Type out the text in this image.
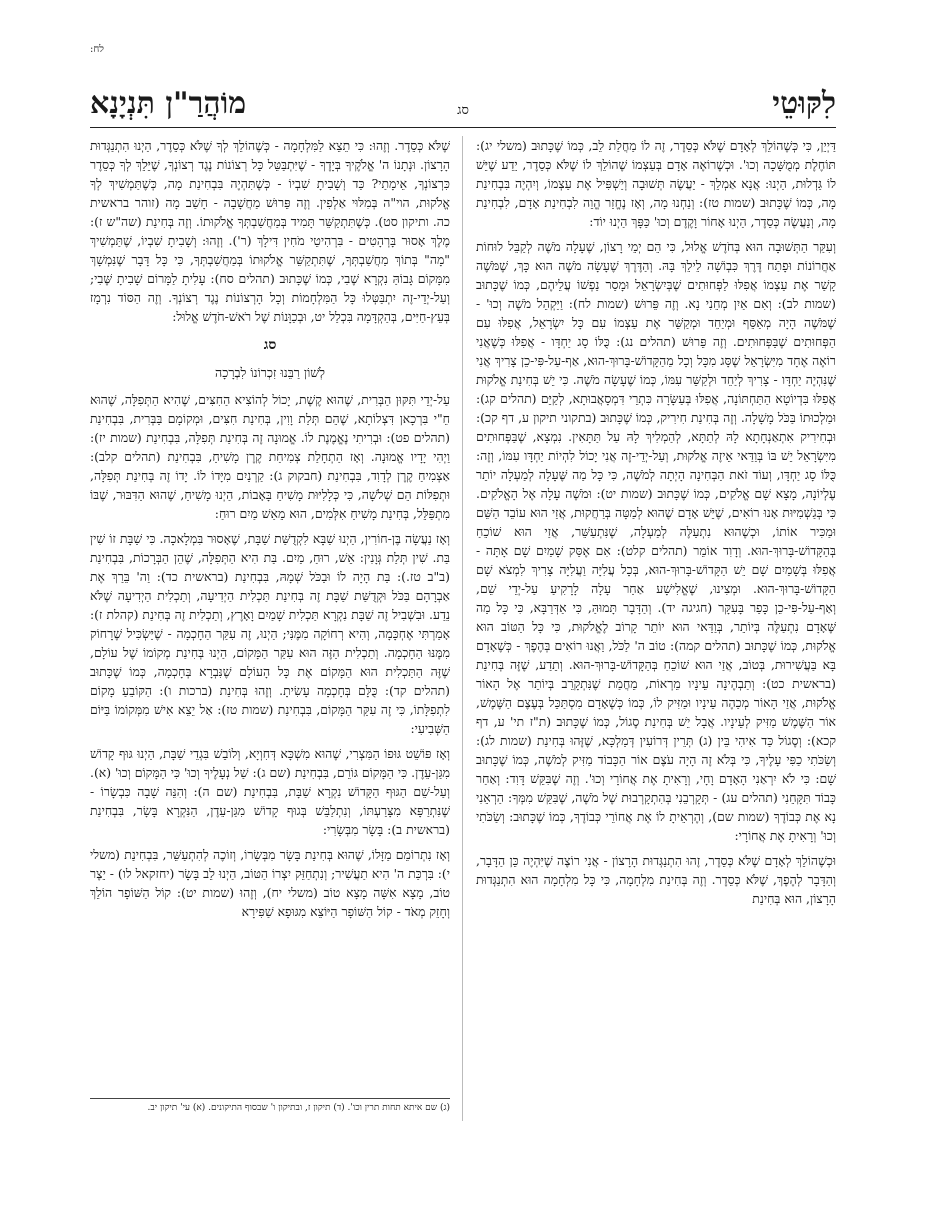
לח:
לִקּוּטֵי
סג
מוֹהֲרַ"ן תִּנְיָנָא

דַּיְיֵן, כִּי כְּשֶׁהוֹלֵךְ לְאָדָם שֶׁלֹּא כְּסֵדֶר, זֶה לוֹ מַחֲלַת לֵב, כְּמוֹ שֶׁכָּתוּב (משלי יג): תּוֹחֶלֶת מְמֻשָּׁכָה וְכוּ'. וּכְשֶׁרוֹאֶה אָדָם בְּעַצְמוֹ שֶׁהוֹלֵךְ לוֹ שֶׁלֹּא כְּסֵדֶר, יֵדַע שֶׁיֵּשׁ לוֹ גַּדְלוּת, הַיְנוּ: אֲנָא אַמְלֵךְ - יַעֲשֶׂה תְּשׁוּבָה וְיַשְׁפִּיל אֶת עַצְמוֹ, וְיִהְיֶה בִּבְחִינַת מָה, כְּמוֹ שֶׁכָּתוּב (שמות טז): וְנַחְנוּ מָה, וְאָז נֶחֱזַר הֱוֵה לִבְחִינַת אָדָם, לִבְחִינַת מָה, וְנַעֲשֶׂה כְּסֵדֶר, הַיְנוּ אָחוֹר וָקֶדֶם וְכוּ' כַּפָּךְ הַיְנוּ יוֹד:

וְעִקַּר הַתְּשׁוּבָה הוּא בְּחֹדֶשׁ אֱלוּל, כִּי הֵם יְמֵי רָצוֹן, שֶׁעָלָה מֹשֶׁה לְקַבֵּל לוּחוֹת אַחֲרוֹנוֹת וּפָתַח דֶּרֶךְ כִּבְוֹשָׁה לֵילֵךְ בָּהּ. וְהַדֶּרֶךְ שֶׁעָשָׂה מֹשֶׁה הוּא כָּךְ, שֶׁמֹּשֶׁה קָשַׁר אֶת עַצְמוֹ אֲפִלּוּ לַפְּחוּתִים שֶׁבְּיִשְׂרָאֵל וּמָסַר נַפְשׁוֹ עֲלֵיהֶם, כְּמוֹ שֶׁכָּתוּב (שמות לב): וְאִם אַיִן מְחֵנִי נָא. וְזֶה פֵּרוּשׁ (שמות לח): וַיַּקְהֵל מֹשֶׁה וְכוּ' - שֶׁמֹּשֶׁה הָיָה מְאַסֵּף וּמְיַחֵד וּמְקַשֵּׁר אֶת עַצְמוֹ עִם כָּל יִשְׂרָאֵל, אֲפִלּוּ עִם הַפְּחוּתִים שֶׁבַּפְּחוּתִים. וְזֶה פֵּרוּשׁ (תהלים נג): כֻּלּוֹ סָג יַחְדָּו - אֲפִלּוּ כְּשֶׁאֲנִי רוֹאֶה אֶחָד מִיִּשְׂרָאֵל שֶׁסָּג מִכָּל וְכָל מֵהַקָּדוֹשׁ-בָּרוּךְ-הוּא, אַף-עַל-פִּי-כֵן צָרִיךְ אֲנִי שֶׁנִּהְיֶה יַחְדָּו - צָרִיךְ לְיַחֵד וּלְקַשֵּׁר עִמּוֹ, כְּמוֹ שֶׁעָשָׂה מֹשֶׁה. כִּי יֵשׁ בְּחִינַת אֱלֹקוּת אֲפִלּוּ בִּדְיוֹטָא הַתַּחְתּוֹנָה, אֲפִלּוּ בְּעַשָּׂרָה כִּתְרֵי דִּמְסָאֲבוּתָא, לְקַיֵּם (תהלים קג): וּמַלְכוּתוֹ בַּכֹּל מָשָׁלָה. וְזֶה בְּחִינַת חִירִיק, כְּמוֹ שֶׁכָּתוּב (בתקוני תיקון ע, דף קכ): וּבְחִירִיק אִתְאַנְחָתָא לָהּ לְתַתָּא, לְהַמְלִיךְ לָהּ עַל תַּתָּאִין. נִמְצָא, שֶׁבַּפְּחוּתִים מִיִּשְׂרָאֵל יֵשׁ בּוֹ בְּוַדַּאי אֵיזֶה אֱלֹקוּת, וְעַל-יְדֵי-זֶה אֲנִי יָכוֹל לִהְיוֹת יַחְדָּו עִמּוֹ, וְזֶה: כֻּלּוֹ סָג יַחְדָּו, וְעוֹד זֹאת הַבְּחִינָה הָיְתָה לְמֹשֶׁה, כִּי כָּל מַה שֶּׁעָלָה לְמַעְלָה יוֹתֵר עֶלְיוֹנָה, מָצָא שָׁם אֱלֹקִים, כְּמוֹ שֶׁכָּתוּב (שמות יט): וּמֹשֶׁה עָלָה אֶל הָאֱלֹקִים. כִּי בְּגַשְׁמִיּוּת אָנוּ רוֹאִים, שֶׁיֵּשׁ אָדָם שֶׁהוּא לְמַטָּה בְּרַחֲקוּת, אֲזַי הוּא עוֹבֵד הַשֵּׁם וּמַכִּיר אוֹתוֹ, וּכְשֶׁהוּא נִתְעַלֶּה לְמַעְלָה, שֶׁנִּתְעַשֵּׁר, אֲזַי הוּא שׁוֹכֵחַ בְּהַקָּדוֹשׁ-בָּרוּךְ-הוּא. וְדָוִד אוֹמֵר (תהלים קלט): אִם אֶסַּק שָׁמַיִם שָׁם אָתָּה - אֲפִלּוּ בְּשָׁמַיִם שָׁם יֵשׁ הַקָּדוֹשׁ-בָּרוּךְ-הוּא, בְּכָל עֲלִיָּה וַעֲלִיָּה צָרִיךְ לִמְצֹא שָׁם הַקָּדוֹשׁ-בָּרוּךְ-הוּא. וּמְצִינוּ, שֶׁאֱלִישָׁע אַחַר עָלָה לָרָקִיעַ עַל-יְדֵי שֵׁם, וְאַף-עַל-פִּי-כֵן כָּפַר בָּעִקָּר (חגיגה יד). וְהַדָּבָר תָּמוּהַּ, כִּי אַדְּרַבָּא, כִּי כָּל מַה שֶּׁאָדָם נִתְעַלֶּה בְּיוֹתֵר, בְּוַדַּאי הוּא יוֹתֵר קָרוֹב לֶאֱלֹקוּת, כִּי כָּל הַטּוֹב הוּא אֱלֹקוּת, כְּמוֹ שֶׁכָּתוּב (תהלים קמה): טוֹב ה' לַכֹּל, וַאֲנוּ רוֹאִים בְּהֶפֶךְ - כְּשֶׁאָדָם בָּא בַּעֲשִׁירוּת, בְּטוֹב, אֲזַי הוּא שׁוֹכֵחַ בְּהַקָּדוֹשׁ-בָּרוּךְ-הוּא. וְתֵדַע, שֶׁזֶּה בְּחִינַת (בראשית כט): וְתַבְהֶינָה עֵינָיו מֵרְאוֹת, מֵחֲמַת שֶׁנִּתְקָרֵב בְּיוֹתֵר אֶל הָאוֹר אֱלֹקוּת, אֲזַי הָאוֹר מְכַהֶה עֵינָיו וּמַזִּיק לוֹ, כְּמוֹ כְּשֶׁאָדָם מִסְתַּכֵּל בְּעֶצֶם הַשֶּׁמֶשׁ, אוֹר הַשֶּׁמֶשׁ מַזִּיק לְעֵינָיו. אֲבָל יֵשׁ בְּחִינַת סֶגוֹל, כְּמוֹ שֶׁכָּתוּב (ת"ז תי' ע, דף קכא): וְסֶגוֹל כַּד אִיהִי בֵּין (ג) תְּרֵין דְּרוֹעִין דְּמַלְכָּא, שֶׁזֶּהוּ בְּחִינַת (שמות לג): וְשַׂכֹּתִי כַפִּי עָלֶיךָ, כִּי בְּלֹא זֶה הָיָה עֹצֶם אוֹר הַכָּבוֹד מַזִּיק לְמֹשֶׁה, כְּמוֹ שֶׁכָּתוּב שָׁם: כִּי לֹא יִרְאַנִי הָאָדָם וָחָי, וְרָאִיתָ אֶת אֲחוֹרָי וְכוּ'. וְזֶה שֶׁבִּקֵּשׁ דָּוִד: וְאַחַר כָּבוֹד תִּקָּחֵנִי (תהלים עג) - תְּקָרְבֵנִי בְּהִתְקָרְבוּת שֶׁל מֹשֶׁה, שֶׁבִּקֵּשׁ מִמְּךָ: הַרְאֵנִי נָא אֶת כְּבוֹדֶךָ (שמות שם), וְהֶרְאֵיתָ לוֹ אֶת אֲחוֹרֵי כְּבוֹדֶךָ, כְּמוֹ שֶׁכָּתוּב: וְשַׂכֹּתִי וְכוּ' וְרָאִיתָ אֶת אֲחוֹרָי:

וּכְשֶׁהוֹלֵךְ לְאָדָם שֶׁלֹּא כְּסֵדֶר, זֶהוּ הִתְנַגְּדוּת הָרָצוֹן - אֲנִי רוֹצֶה שֶׁיִּהְיֶה כֵּן הַדָּבָר, וְהַדָּבָר לְהֶפֶךְ, שֶׁלֹּא כְּסֵדֶר. וְזֶה בְּחִינַת מִלְחָמָה, כִּי כָּל מִלְחָמָה הוּא הִתְנַגְּדוּת הָרָצוֹן, הוּא בְּחִינַת

שֶׁלֹּא כְּסֵדֶר. וְזֶהוּ: כִּי תֵצֵא לַמִּלְחָמָה - כְּשֶׁהוֹלֵךְ לְךָ שֶׁלֹּא כְּסֵדֶר, הַיְנוּ הִתְנַגְּדוּת הָרָצוֹן. וּנְתָנוֹ ה' אֱלֹקֶיךָ בְּיָדֶךָ - שֶׁיִּתְבַּטֵּל כָּל רְצוֹנוֹת נֶגֶד רְצוֹנְךָ, שֶׁיֵּלֵךְ לְךָ כְּסֵדֶר כִּרְצוֹנְךָ, אֵימָתַי? כַּד וְשָׁבִיתָ שִׁבְיוֹ - כְּשֶׁתִּהְיֶה בִּבְחִינַת מָה, כְּשֶׁתַּמְשִׁיךְ לְךָ אֱלֹקוּת, הוי"ה בְּמִלּוּי אַלְפִין. וְזֶה פֵּרוּשׁ מַחֲשָׁבָה - חָשַׁב מָה (זוהר בראשית כה. ותיקון סט). כְּשֶׁתִּתְקַשֵּׁר תָּמִיד בְּמַחֲשַׁבְתְּךָ אֱלֹקוּתוֹ. וְזֶה בְּחִינַת (שה"ש ז): מֶלֶךְ אָסוּר בָּרְהָטִים - בִּרְהִיטֵי מֹחִין דִּילָךְ (ר'). וְזֶהוּ: וְשָׁבִיתָ שִׁבְיוֹ, שֶׁתַּמְשִׁיךְ "מָה" בְּתוֹךְ מַחֲשַׁבְתְּךָ, שֶׁתִּתְקַשֵּׁר אֱלֹקוּתוֹ בְּמַחֲשַׁבְתְּךָ, כִּי כָּל דָּבָר שֶׁנִּמְשָׁךְ מִמָּקוֹם גָּבוֹהַּ נִקְרָא שֶׁבִי, כְּמוֹ שֶׁכָּתוּב (תהלים סח): עָלִיתָ לַמָּרוֹם שָׁבִיתָ שֶּׁבִי; וְעַל-יְדֵי-זֶה יִתְבַּטְּלוּ כָּל הַמִּלְחָמוֹת וְכָל הָרְצוֹנוֹת נֶגֶד רְצוֹנְךָ. וְזֶה הַסּוֹד נִרְמָז בְּעֵץ-חַיִּים, בְּהַקְדָּמָה בִּכְלַל יט, וּבְכַוָּנוֹת שֶׁל רֹאשׁ-חֹדֶשׁ אֱלוּל:

סג
לְשׁוֹן רַבֵּנוּ זִכְרוֹנוֹ לִבְרָכָה

עַל-יְדֵי תִּקּוּן הַבְּרִית, שֶׁהוּא קֶשֶׁת, יָכוֹל לְהוֹצִיא הַחִצִּים, שֶׁהִיא הַתְּפִלָּה, שֶׁהוּא חֵ"י בִּרְכָאן דִּצְלוֹתָא, שֶׁהֵם תְּלַת וָוִין, בְּחִינַת חִצִּים, וּמְקוֹמָם בַּבְּרִית, בִּבְחִינַת (תהלים פט): וּבְרִיתִי נֶאֱמֶנֶת לוֹ. אֱמוּנָה זֶה בְּחִינַת תְּפִלָּה, בִּבְחִינַת (שמות יז): וַיְהִי יָדָיו אֱמוּנָה. וְאָז הַתְחָלַת צְמִיחַת קֶרֶן מָשִׁיחַ, בִּבְחִינַת (תהלים קלב): אַצְמִיחַ קֶרֶן לְדָוִד, בִּבְחִינַת (חבקוק ג): קַרְנַיִם מִיָּדוֹ לוֹ. יָדוֹ זֶה בְּחִינַת תְּפִלָּה, וּתְפִלּוֹת הֵם שְׁלֹשָׁה, כִּי כְּלָלִיּוּת מָשִׁיחַ בָּאָבוֹת, הַיְנוּ מָשִׁיחַ, שֶׁהוּא הַדִּבּוּר, שֶׁבּוֹ מִתְפַּלֵּל, בְּחִינַת מָשִׁיחַ אִלְּמִים, הוּא מֵאַשׁ מַיִם רוּחַ:

וְאָז נַעֲשָׂה בֶּן-חוֹרִין, הַיְנוּ שַׁבָּא לִקְדֻשַּׁת שַׁבָּת, שֶׁאָסוּר בִּמְלָאכָה. כִּי שַׁבָּת זוֹ שִׁין בַּת. שִׁין תְּלַת גְּוָנִין: אֵשׁ, רוּחַ, מַיִם. בַּת הִיא הַתְּפִלָּה, שֶׁהֵן הַבְּרָכוֹת, בִּבְחִינַת (ב"ב טז.): בַּת הָיָה לוֹ וּבַכֹּל שְׁמָהּ, בִּבְחִינַת (בראשית כד): וַה' בֵּרַךְ אֶת אַבְרָהָם בַּכֹּל וּקְדֻשַּׁת שַׁבָּת זֶה בְּחִינַת תַּכְלִית הַיְדִיעָה, וְתַכְלִית הַיְדִיעָה שֶׁלֹּא נֵדַע. וּבִשְׁבִיל זֶה שַׁבָּת נִקְרָא תַּכְלִית שָׁמַיִם וָאָרֶץ, וְתַכְלִית זֶה בְּחִינַת (קהלת ז): אָמַרְתִּי אֶחְכָּמָה, וְהִיא רְחוֹקָה מִמֶּנִּי; הַיְנוּ, זֶה עִקַּר הַחָכְמָה - שֶׁיַּשְׂכִּיל שֶׁרָחוֹק מִמֶּנּוּ הַחָכְמָה. וְתַכְלִית הַזֶּה הוּא עִקַּר הַמָּקוֹם, הַיְנוּ בְּחִינַת מְקוֹמוֹ שֶׁל עוֹלָם, שֶׁזֶּה הַתַּכְלִית הוּא הַמָּקוֹם אֶת כָּל הָעוֹלָם שֶׁנִּבְרָא בְּחָכְמָה, כְּמוֹ שֶׁכָּתוּב (תהלים קד): כֻּלָּם בְּחָכְמָה עָשִׂיתָ. וְזֶהוּ בְּחִינַת (ברכות ו): הַקּוֹבֵעַ מָקוֹם לִתְפִלָּתוֹ, כִּי זֶה עִקַּר הַמָּקוֹם, בִּבְחִינַת (שמות טז): אַל יֵצֵא אִישׁ מִמְּקוֹמוֹ בַּיּוֹם הַשְּׁבִיעִי:

וְאָז פּוֹשֵׁט גּוּפוֹ הַמִּצְרִי, שֶׁהוּא מִשְׁכָּא דְּחִוְיָא, וְלוֹבֵשׁ בִּגְדֵי שַׁבָּת, הַיְנוּ גּוּף קָדוֹשׁ מִגַּן-עֵדֶן. כִּי הַמָּקוֹם גּוֹרֵם, בִּבְחִינַת (שם ג): שַׁל נְעָלֶיךָ וְכוּ' כִּי הַמָּקוֹם וְכוּ' (א). וְעַל-שֵׁם הַגּוּף הַקָּדוֹשׁ נִקְרָא שַׁבָּת, בִּבְחִינַת (שם ה): וְהִנֵּה שָׁבָה כִּבְשָׂרוֹ - שֶׁנִּתְרַפָּא מִצָּרַעְתּוֹ, וְנִתְלַבֵּשׁ בְּגוּף קָדוֹשׁ מִגַּן-עֵדֶן, הַנִּקְרָא בָּשָׂר, בִּבְחִינַת (בראשית ב): בָּשָׂר מִבְּשָׂרִי:

וְאָז נִתְרוֹמֵם מַזָּלוֹ, שֶׁהוּא בְּחִינַת בָּשָׂר מִבְּשָׂרוֹ, וְזוֹכֶה לְהִתְעַשֵּׁר, בִּבְחִינַת (משלי י): בִּרְכַּת ה' הִיא תַעֲשִׁיר; וְנִתְחַזֵּק יִצְרוֹ הַטּוֹב, הַיְנוּ לֵב בָּשָׂר (יחזקאל לו) - יֵצֶר טוֹב, מָצָא אִשָּׁה מָצָא טוֹב (משלי יח), וְזֶהוּ (שמות יט): קוֹל הַשּׁוֹפָר הוֹלֵךְ וְחָזֵק מְאֹד - קוֹל הַשּׁוֹפָר הַיּוֹצֵא מִגּוּפָא שַׁפִּירָא

(ג) שם איתא תחות תרין וכו'. (ד) תיקון ז, ובתיקון ו' שבסוף התיקונים. (א) עי' תיקון יב.
